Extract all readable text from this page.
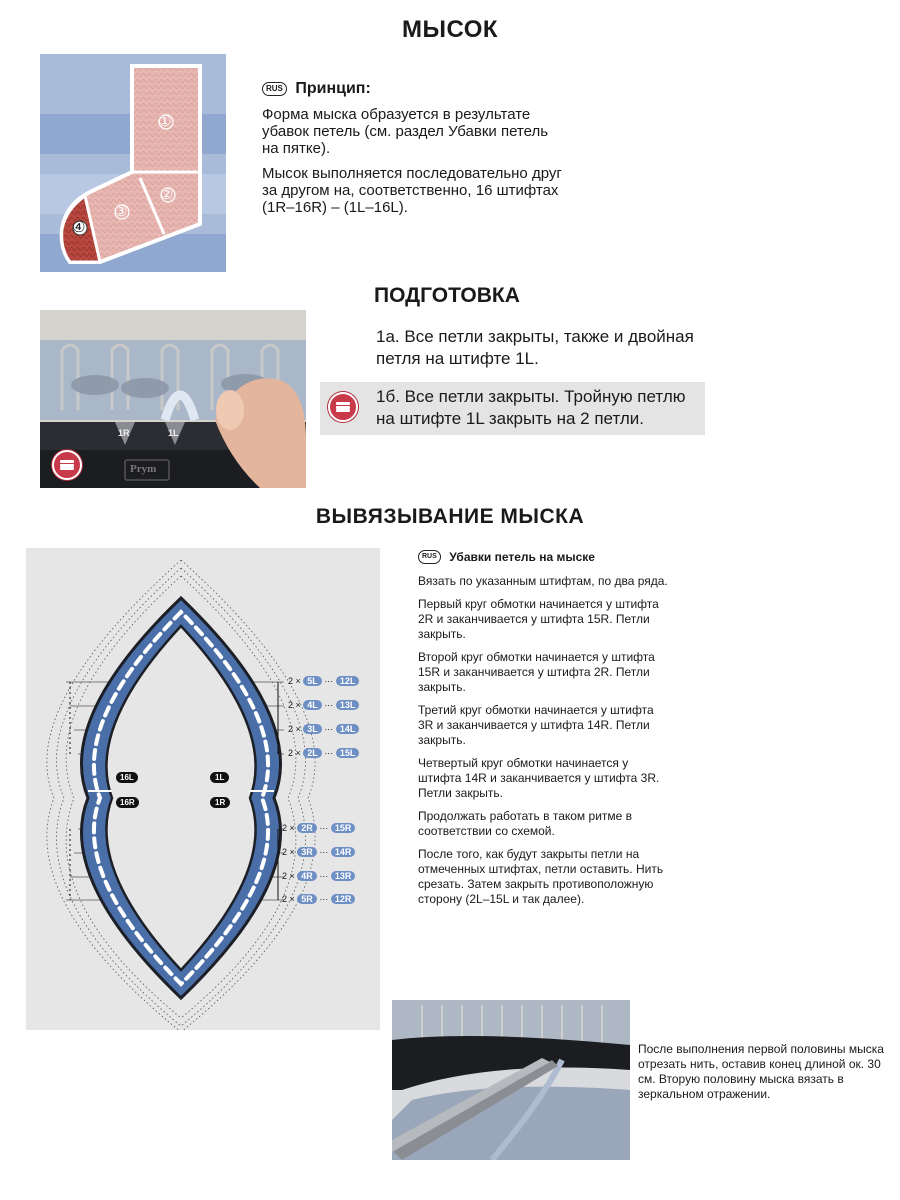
МЫСОК
①
②
③
④
RUS Принцип:

Форма мыска образуется в результате убавок петель (см. раздел Убавки петель на пятке).

Мысок выполняется последовательно друг за другом на, соответственно, 16 штифтах (1R–16R) – (1L–16L).

ПОДГОТОВКА
1R	1L
Prym
1а. Все петли закрыты, также и двойная петля на штифте 1L.
1б. Все петли закрыты. Тройную петлю на штифте 1L закрыть на 2 петли.
ВЫВЯЗЫВАНИЕ МЫСКА
16L
16R
1L
1R
2 × 5L ··· 12L
2 × 4L ··· 13L
2 × 3L ··· 14L
2 × 2L ··· 15L
2 × 2R ··· 15R
2 × 3R ··· 14R
2 × 4R ··· 13R
2 × 5R ··· 12R
RUS Убавки петель на мыске

Вязать по указанным штифтам, по два ряда.

Первый круг обмотки начинается у штифта 2R и заканчивается у штифта 15R. Петли закрыть.

Второй круг обмотки начинается у штифта 15R и заканчивается у штифта 2R. Петли закрыть.

Третий круг обмотки начинается у штифта 3R и заканчивается у штифта 14R. Петли закрыть.

Четвертый круг обмотки начинается у штифта 14R и заканчивается у штифта 3R. Петли закрыть.

Продолжать работать в таком ритме в соответствии со схемой.

После того, как будут закрыты петли на отмеченных штифтах, петли оставить. Нить срезать. Затем закрыть противоположную сторону (2L–15L и так далее).

После выполнения первой половины мыска отрезать нить, оставив конец длиной ок. 30 см. Вторую половину мыска вязать в зеркальном отражении.
